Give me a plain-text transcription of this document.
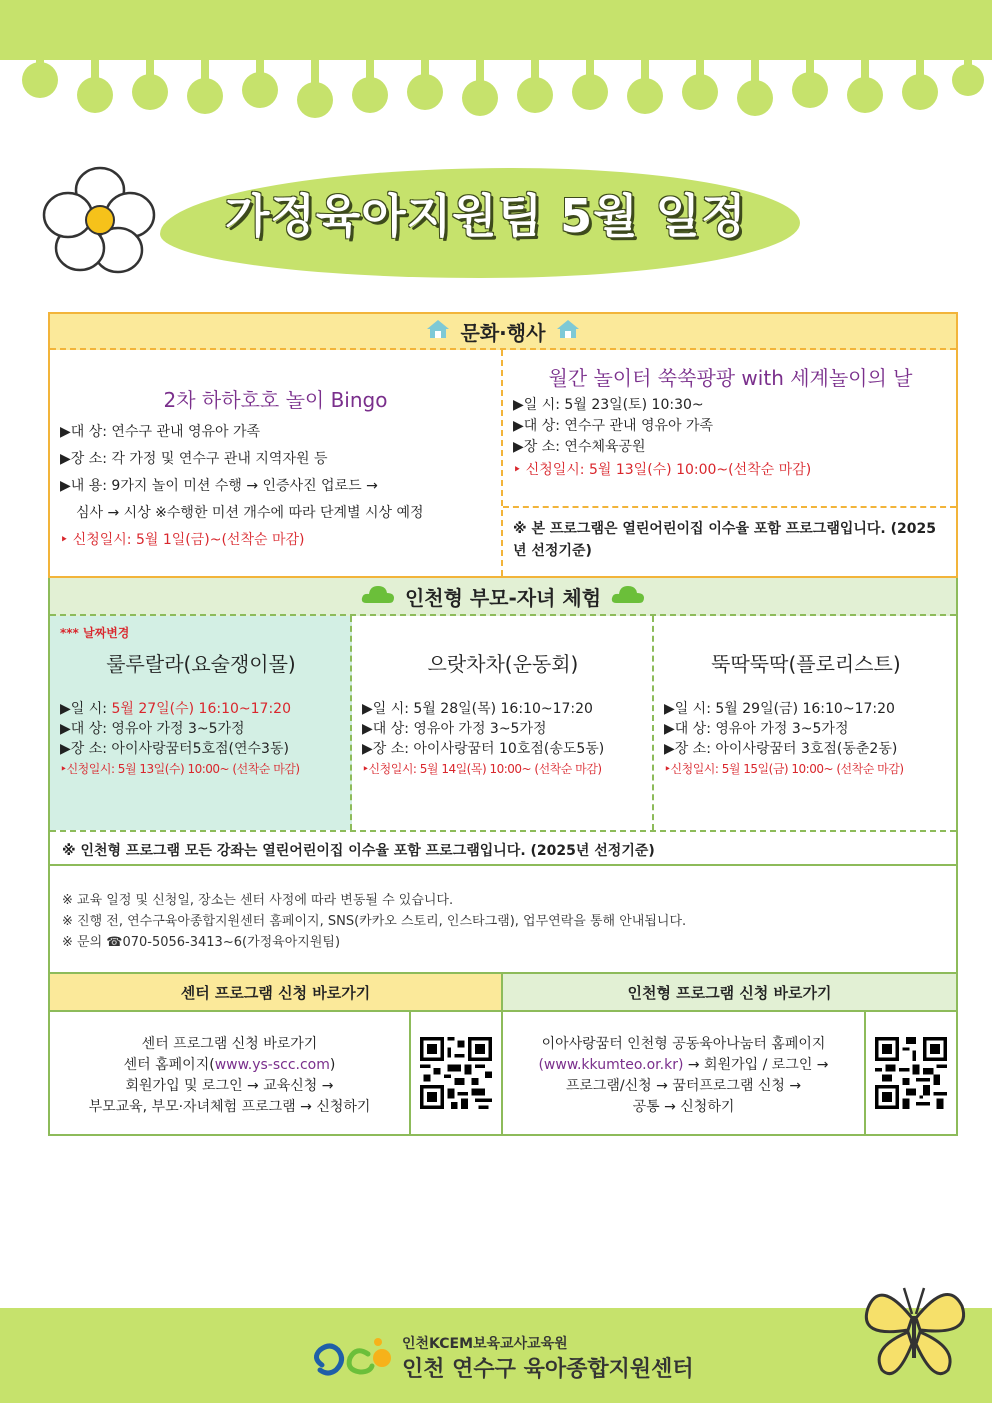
가정육아지원팀 5월 일정
문화·행사
2차 하하호호 놀이 Bingo
▶대 상: 연수구 관내 영유아 가족
▶장 소: 각 가정 및 연수구 관내 지역자원 등
▶내 용: 9가지 놀이 미션 수행 → 인증사진 업로드 →
심사 → 시상 ※수행한 미션 개수에 따라 단계별 시상 예정
‣ 신청일시: 5월 1일(금)~(선착순 마감)
월간 놀이터 쑥쑥팡팡 with 세계놀이의 날
▶일 시: 5월 23일(토) 10:30~
▶대 상: 연수구 관내 영유아 가족
▶장 소: 연수체육공원
‣ 신청일시: 5월 13일(수) 10:00~(선착순 마감)
※ 본 프로그램은 열린어린이집 이수율 포함 프로그램입니다. (2025년 선정기준)
인천형 부모-자녀 체험
*** 날짜변경
룰루랄라(요술쟁이몰)
▶일 시: 5월 27일(수) 16:10~17:20
▶대 상: 영유아 가정 3~5가정
▶장 소: 아이사랑꿈터5호점(연수3동)
‣신청일시: 5월 13일(수) 10:00~ (선착순 마감)
으랏차차(운동회)
▶일 시: 5월 28일(목) 16:10~17:20
▶대 상: 영유아 가정 3~5가정
▶장 소: 아이사랑꿈터 10호점(송도5동)
‣신청일시: 5월 14일(목) 10:00~ (선착순 마감)
뚝딱뚝딱(플로리스트)
▶일 시: 5월 29일(금) 16:10~17:20
▶대 상: 영유아 가정 3~5가정
▶장 소: 아이사랑꿈터 3호점(동춘2동)
‣신청일시: 5월 15일(금) 10:00~ (선착순 마감)
※ 인천형 프로그램 모든 강좌는 열린어린이집 이수율 포함 프로그램입니다. (2025년 선정기준)
※ 교육 일정 및 신청일, 장소는 센터 사정에 따라 변동될 수 있습니다.
※ 진행 전, 연수구육아종합지원센터 홈페이지, SNS(카카오 스토리, 인스타그램), 업무연락을 통해 안내됩니다.
※ 문의 ☎070-5056-3413~6(가정육아지원팀)
센터 프로그램 신청 바로가기
센터 프로그램 신청 바로가기
센터 홈페이지(www.ys-scc.com)
회원가입 및 로그인 → 교육신청 →
부모교육, 부모·자녀체험 프로그램 → 신청하기
인천형 프로그램 신청 바로가기
이아사랑꿈터 인천형 공동육아나눔터 홈페이지
(www.kkumteo.or.kr) → 회원가입 / 로그인 →
프로그램/신청 → 꿈터프로그램 신청 →
공통 → 신청하기
인천KCEM보육교사교육원
인천 연수구 육아종합지원센터
